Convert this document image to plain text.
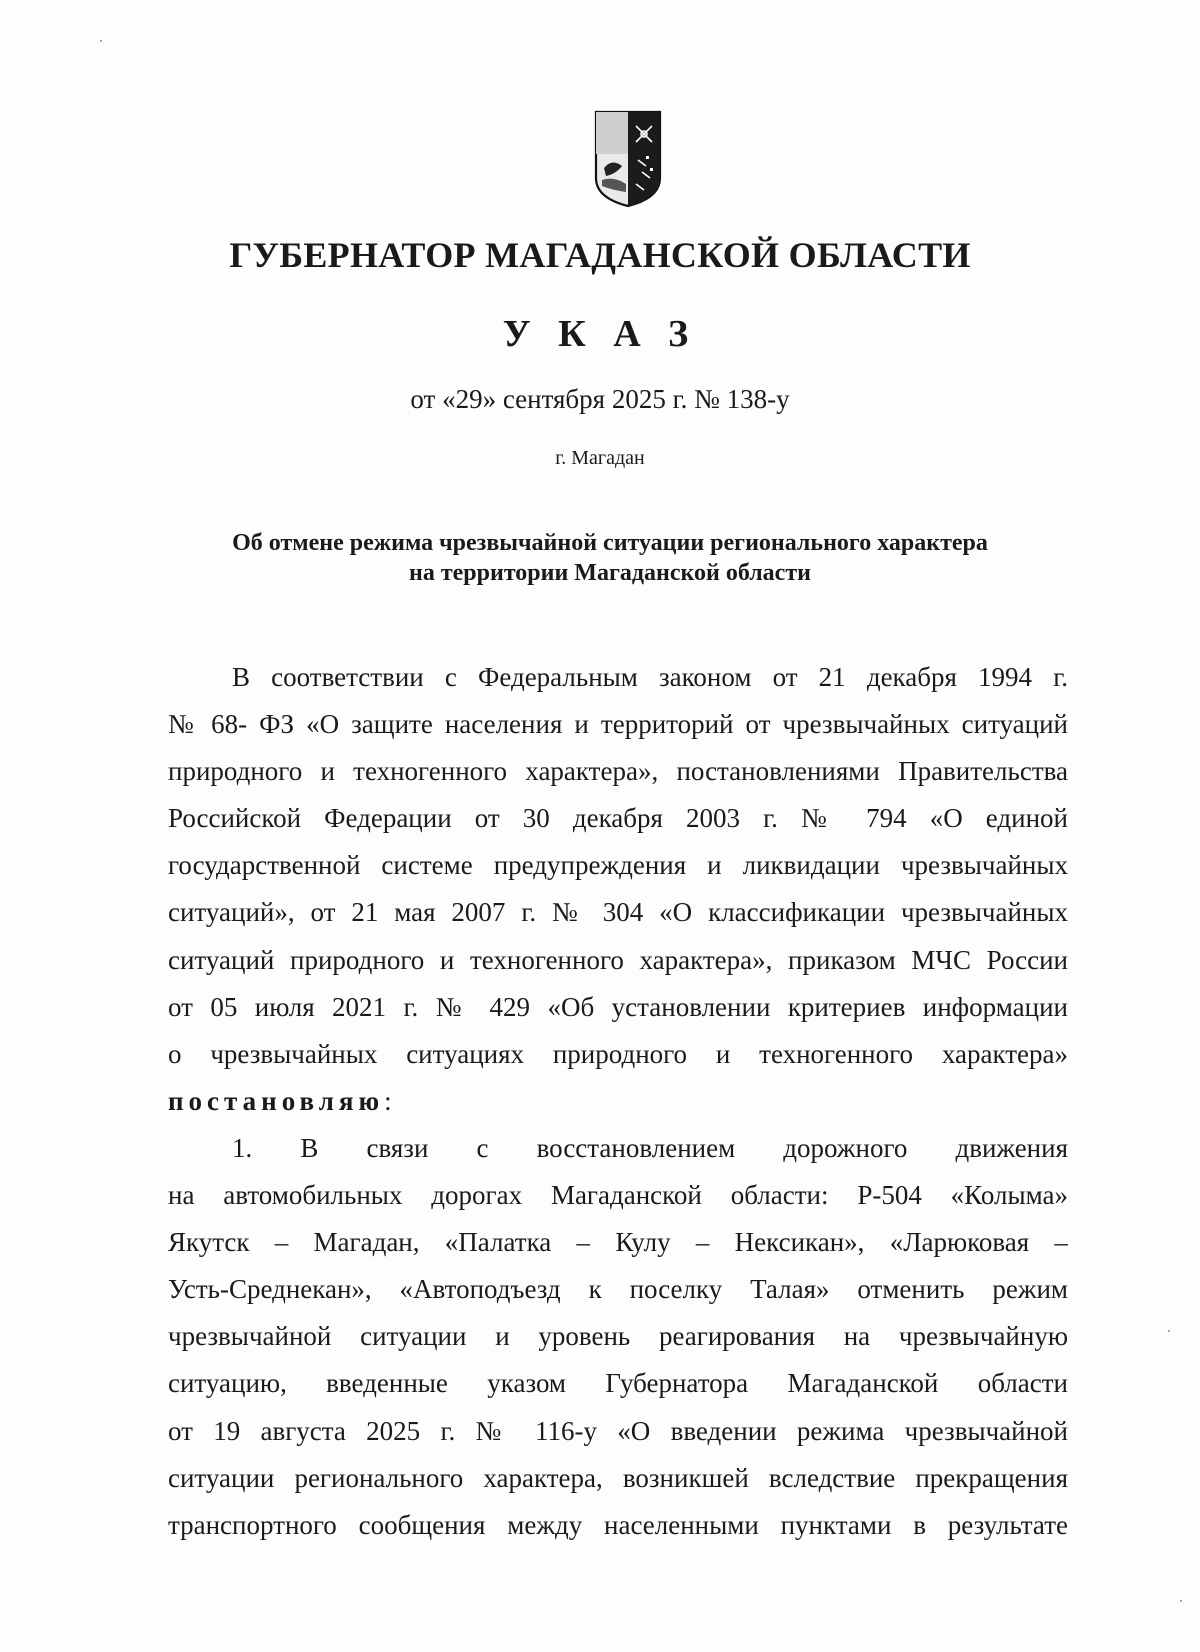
ГУБЕРНАТОР МАГАДАНСКОЙ ОБЛАСТИ
У К А З
от «29» сентября 2025 г. № 138-у
г. Магадан
Об отмене режима чрезвычайной ситуации регионального характера
на территории Магаданской области
В соответствии с Федеральным законом от 21 декабря 1994 г.
№ 68- ФЗ «О защите населения и территорий от чрезвычайных ситуаций
природного и техногенного характера», постановлениями Правительства
Российской Федерации от 30 декабря 2003 г. № 794 «О единой
государственной системе предупреждения и ликвидации чрезвычайных
ситуаций», от 21 мая 2007 г. № 304 «О классификации чрезвычайных
ситуаций природного и техногенного характера», приказом МЧС России
от 05 июля 2021 г. № 429 «Об установлении критериев информации
о чрезвычайных ситуациях природного и техногенного характера»
постановляю:
1. В связи с восстановлением дорожного движения
на автомобильных дорогах Магаданской области: Р-504 «Колыма»
Якутск – Магадан, «Палатка – Кулу – Нексикан», «Ларюковая –
Усть-Среднекан», «Автоподъезд к поселку Талая» отменить режим
чрезвычайной ситуации и уровень реагирования на чрезвычайную
ситуацию, введенные указом Губернатора Магаданской области
от 19 августа 2025 г. № 116-у «О введении режима чрезвычайной
ситуации регионального характера, возникшей вследствие прекращения
транспортного сообщения между населенными пунктами в результате
